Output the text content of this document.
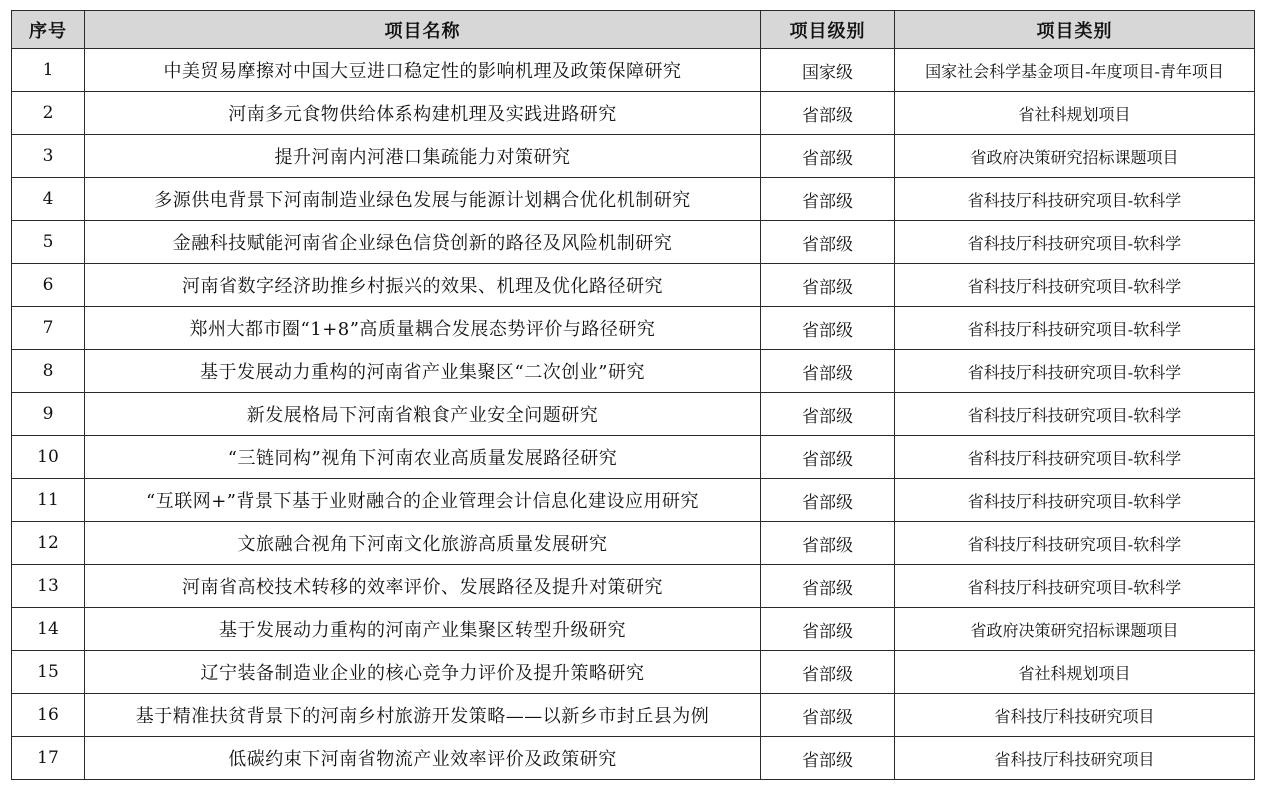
序号	项目名称	项目级别	项目类别
1	中美贸易摩擦对中国大豆进口稳定性的影响机理及政策保障研究	国家级	国家社会科学基金项目-年度项目-青年项目
2	河南多元食物供给体系构建机理及实践进路研究	省部级	省社科规划项目
3	提升河南内河港口集疏能力对策研究	省部级	省政府决策研究招标课题项目
4	多源供电背景下河南制造业绿色发展与能源计划耦合优化机制研究	省部级	省科技厅科技研究项目-软科学
5	金融科技赋能河南省企业绿色信贷创新的路径及风险机制研究	省部级	省科技厅科技研究项目-软科学
6	河南省数字经济助推乡村振兴的效果、机理及优化路径研究	省部级	省科技厅科技研究项目-软科学
7	郑州大都市圈“1+8”高质量耦合发展态势评价与路径研究	省部级	省科技厅科技研究项目-软科学
8	基于发展动力重构的河南省产业集聚区“二次创业”研究	省部级	省科技厅科技研究项目-软科学
9	新发展格局下河南省粮食产业安全问题研究	省部级	省科技厅科技研究项目-软科学
10	“三链同构”视角下河南农业高质量发展路径研究	省部级	省科技厅科技研究项目-软科学
11	“互联网+”背景下基于业财融合的企业管理会计信息化建设应用研究	省部级	省科技厅科技研究项目-软科学
12	文旅融合视角下河南文化旅游高质量发展研究	省部级	省科技厅科技研究项目-软科学
13	河南省高校技术转移的效率评价、发展路径及提升对策研究	省部级	省科技厅科技研究项目-软科学
14	基于发展动力重构的河南产业集聚区转型升级研究	省部级	省政府决策研究招标课题项目
15	辽宁装备制造业企业的核心竞争力评价及提升策略研究	省部级	省社科规划项目
16	基于精准扶贫背景下的河南乡村旅游开发策略——以新乡市封丘县为例	省部级	省科技厅科技研究项目
17	低碳约束下河南省物流产业效率评价及政策研究	省部级	省科技厅科技研究项目
